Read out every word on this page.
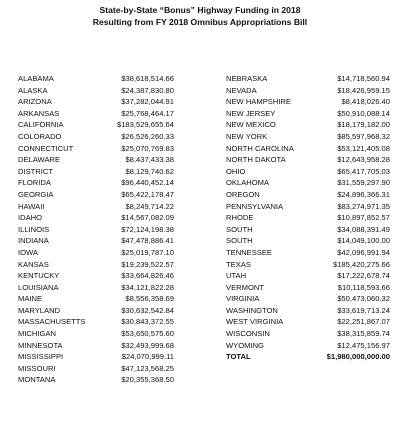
State-by-State “Bonus” Highway Funding in 2018
Resulting from FY 2018 Omnibus Appropriations Bill
ALABAMA	$38,618,514.66
ALASKA	$24,387,830.80
ARIZONA	$37,282,044.91
ARKANSAS	$25,768,464.17
CALIFORNIA	$183,529,655.64
COLORADO	$26,526,260.33
CONNECTICUT	$25,070,769.83
DELAWARE	$8,437,433.38
DISTRICT	$8,129,740.62
FLORIDA	$96,440,452.14
GEORGIA	$65,422,178.47
HAWAII	$8,249,714.22
IDAHO	$14,567,082.09
ILLINOIS	$72,124,198.38
INDIANA	$47,478,886.41
IOWA	$25,019,787.10
KANSAS	$19,239,522.57
KENTUCKY	$33,664,826.46
LOUISIANA	$34,121,822.28
MAINE	$8,556,358.69
MARYLAND	$30,632,542.84
MASSACHUSETTS	$30,843,372.55
MICHIGAN	$53,650,575.60
MINNESOTA	$32,493,999.68
MISSISSIPPI	$24,070,999.11
MISSOURI	$47,123,568.25
MONTANA	$20,355,368.50
NEBRASKA	$14,718,560.94
NEVADA	$18,426,959.15
NEW HAMPSHIRE	$8,418,026.40
NEW JERSEY	$50,910,088.14
NEW MEXICO	$18,179,182.00
NEW YORK	$85,597,968.32
NORTH CAROLINA	$53,121,405.08
NORTH DAKOTA	$12,643,958.28
OHIO	$65,417,705.03
OKLAHOMA	$31,559,297.90
OREGON	$24,896,366.31
PENNSYLVANIA	$83,274,971.35
RHODE	$10,897,852.57
SOUTH	$34,088,391.49
SOUTH	$14,049,100.00
TENNESSEE	$42,096,991.94
TEXAS	$185,420,275.66
UTAH	$17,222,678.74
VERMONT	$10,118,593.66
VIRGINIA	$50,473,060.32
WASHINGTON	$33,619,713.24
WEST VIRGINIA	$22,251,867.07
WISCONSIN	$38,315,859.74
WYOMING	$12,475,156.97
TOTAL	$1,980,000,000.00
